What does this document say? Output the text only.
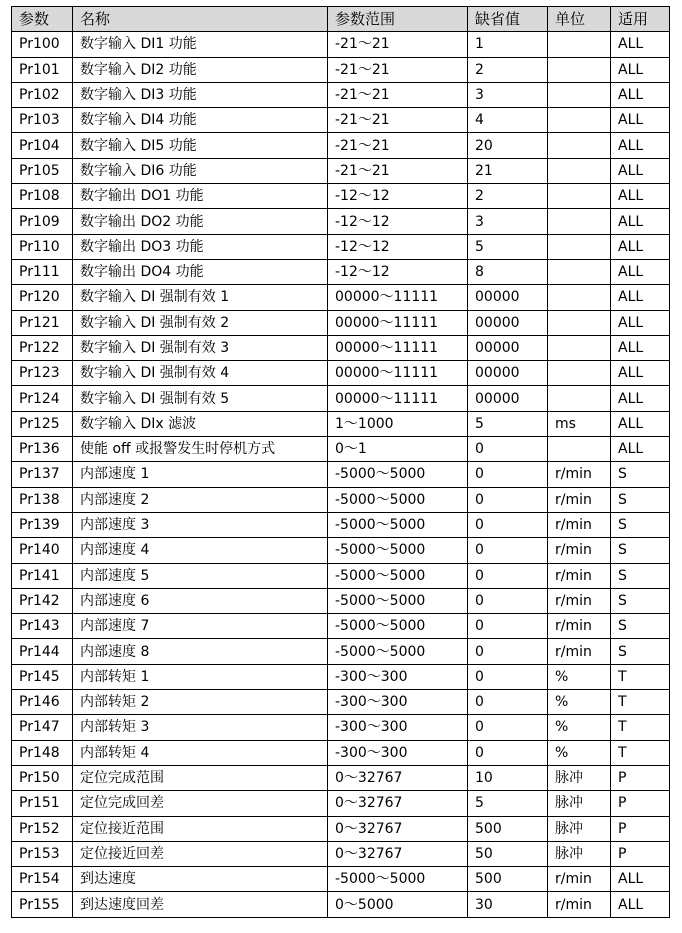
参数	名称	参数范围	缺省值	单位	适用
Pr100	数字输入 DI1 功能	-21～21	1		ALL
Pr101	数字输入 DI2 功能	-21～21	2		ALL
Pr102	数字输入 DI3 功能	-21～21	3		ALL
Pr103	数字输入 DI4 功能	-21～21	4		ALL
Pr104	数字输入 DI5 功能	-21～21	20		ALL
Pr105	数字输入 DI6 功能	-21～21	21		ALL
Pr108	数字输出 DO1 功能	-12～12	2		ALL
Pr109	数字输出 DO2 功能	-12～12	3		ALL
Pr110	数字输出 DO3 功能	-12～12	5		ALL
Pr111	数字输出 DO4 功能	-12～12	8		ALL
Pr120	数字输入 DI 强制有效 1	00000～11111	00000		ALL
Pr121	数字输入 DI 强制有效 2	00000～11111	00000		ALL
Pr122	数字输入 DI 强制有效 3	00000～11111	00000		ALL
Pr123	数字输入 DI 强制有效 4	00000～11111	00000		ALL
Pr124	数字输入 DI 强制有效 5	00000～11111	00000		ALL
Pr125	数字输入 DIx 滤波	1～1000	5	ms	ALL
Pr136	使能 off 或报警发生时停机方式	0～1	0		ALL
Pr137	内部速度 1	-5000～5000	0	r/min	S
Pr138	内部速度 2	-5000～5000	0	r/min	S
Pr139	内部速度 3	-5000～5000	0	r/min	S
Pr140	内部速度 4	-5000～5000	0	r/min	S
Pr141	内部速度 5	-5000～5000	0	r/min	S
Pr142	内部速度 6	-5000～5000	0	r/min	S
Pr143	内部速度 7	-5000～5000	0	r/min	S
Pr144	内部速度 8	-5000～5000	0	r/min	S
Pr145	内部转矩 1	-300～300	0	%	T
Pr146	内部转矩 2	-300～300	0	%	T
Pr147	内部转矩 3	-300～300	0	%	T
Pr148	内部转矩 4	-300～300	0	%	T
Pr150	定位完成范围	0～32767	10	脉冲	P
Pr151	定位完成回差	0～32767	5	脉冲	P
Pr152	定位接近范围	0～32767	500	脉冲	P
Pr153	定位接近回差	0～32767	50	脉冲	P
Pr154	到达速度	-5000～5000	500	r/min	ALL
Pr155	到达速度回差	0～5000	30	r/min	ALL
